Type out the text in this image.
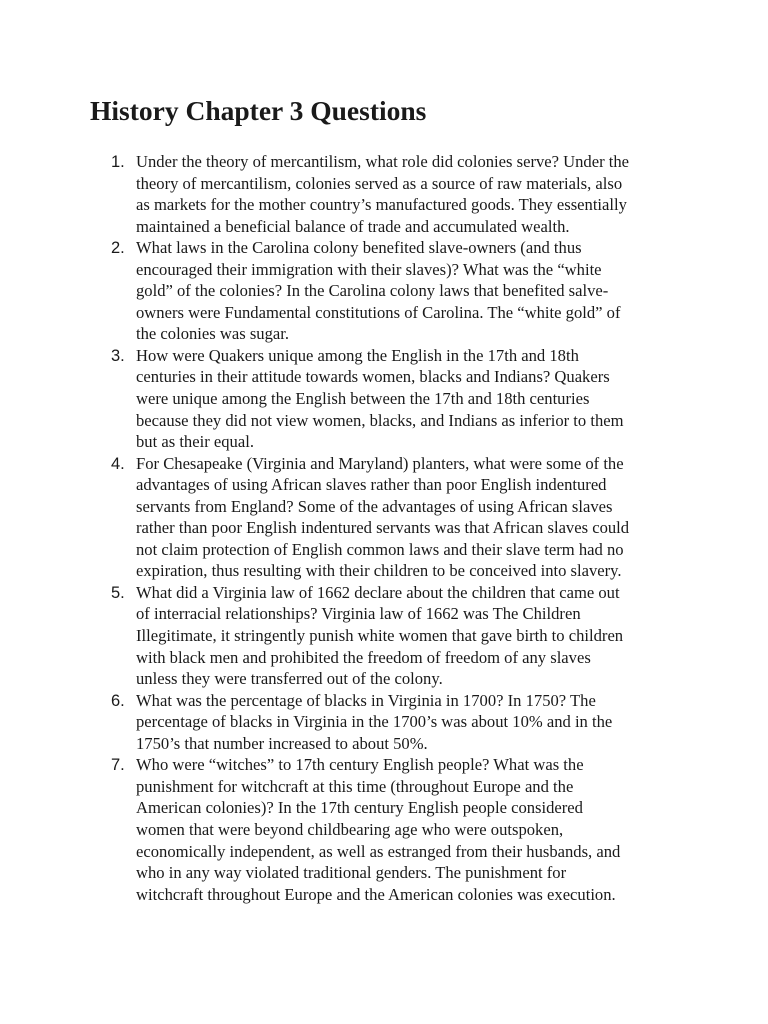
History Chapter 3 Questions
1. Under the theory of mercantilism, what role did colonies serve? Under the
theory of mercantilism, colonies served as a source of raw materials, also
as markets for the mother country’s manufactured goods. They essentially
maintained a beneficial balance of trade and accumulated wealth.
2. What laws in the Carolina colony benefited slave-owners (and thus
encouraged their immigration with their slaves)? What was the “white
gold” of the colonies? In the Carolina colony laws that benefited salve-
owners were Fundamental constitutions of Carolina. The “white gold” of
the colonies was sugar.
3. How were Quakers unique among the English in the 17th and 18th
centuries in their attitude towards women, blacks and Indians? Quakers
were unique among the English between the 17th and 18th centuries
because they did not view women, blacks, and Indians as inferior to them
but as their equal.
4. For Chesapeake (Virginia and Maryland) planters, what were some of the
advantages of using African slaves rather than poor English indentured
servants from England? Some of the advantages of using African slaves
rather than poor English indentured servants was that African slaves could
not claim protection of English common laws and their slave term had no
expiration, thus resulting with their children to be conceived into slavery.
5. What did a Virginia law of 1662 declare about the children that came out
of interracial relationships? Virginia law of 1662 was The Children
Illegitimate, it stringently punish white women that gave birth to children
with black men and prohibited the freedom of freedom of any slaves
unless they were transferred out of the colony.
6. What was the percentage of blacks in Virginia in 1700? In 1750? The
percentage of blacks in Virginia in the 1700’s was about 10% and in the
1750’s that number increased to about 50%.
7. Who were “witches” to 17th century English people? What was the
punishment for witchcraft at this time (throughout Europe and the
American colonies)? In the 17th century English people considered
women that were beyond childbearing age who were outspoken,
economically independent, as well as estranged from their husbands, and
who in any way violated traditional genders. The punishment for
witchcraft throughout Europe and the American colonies was execution.
